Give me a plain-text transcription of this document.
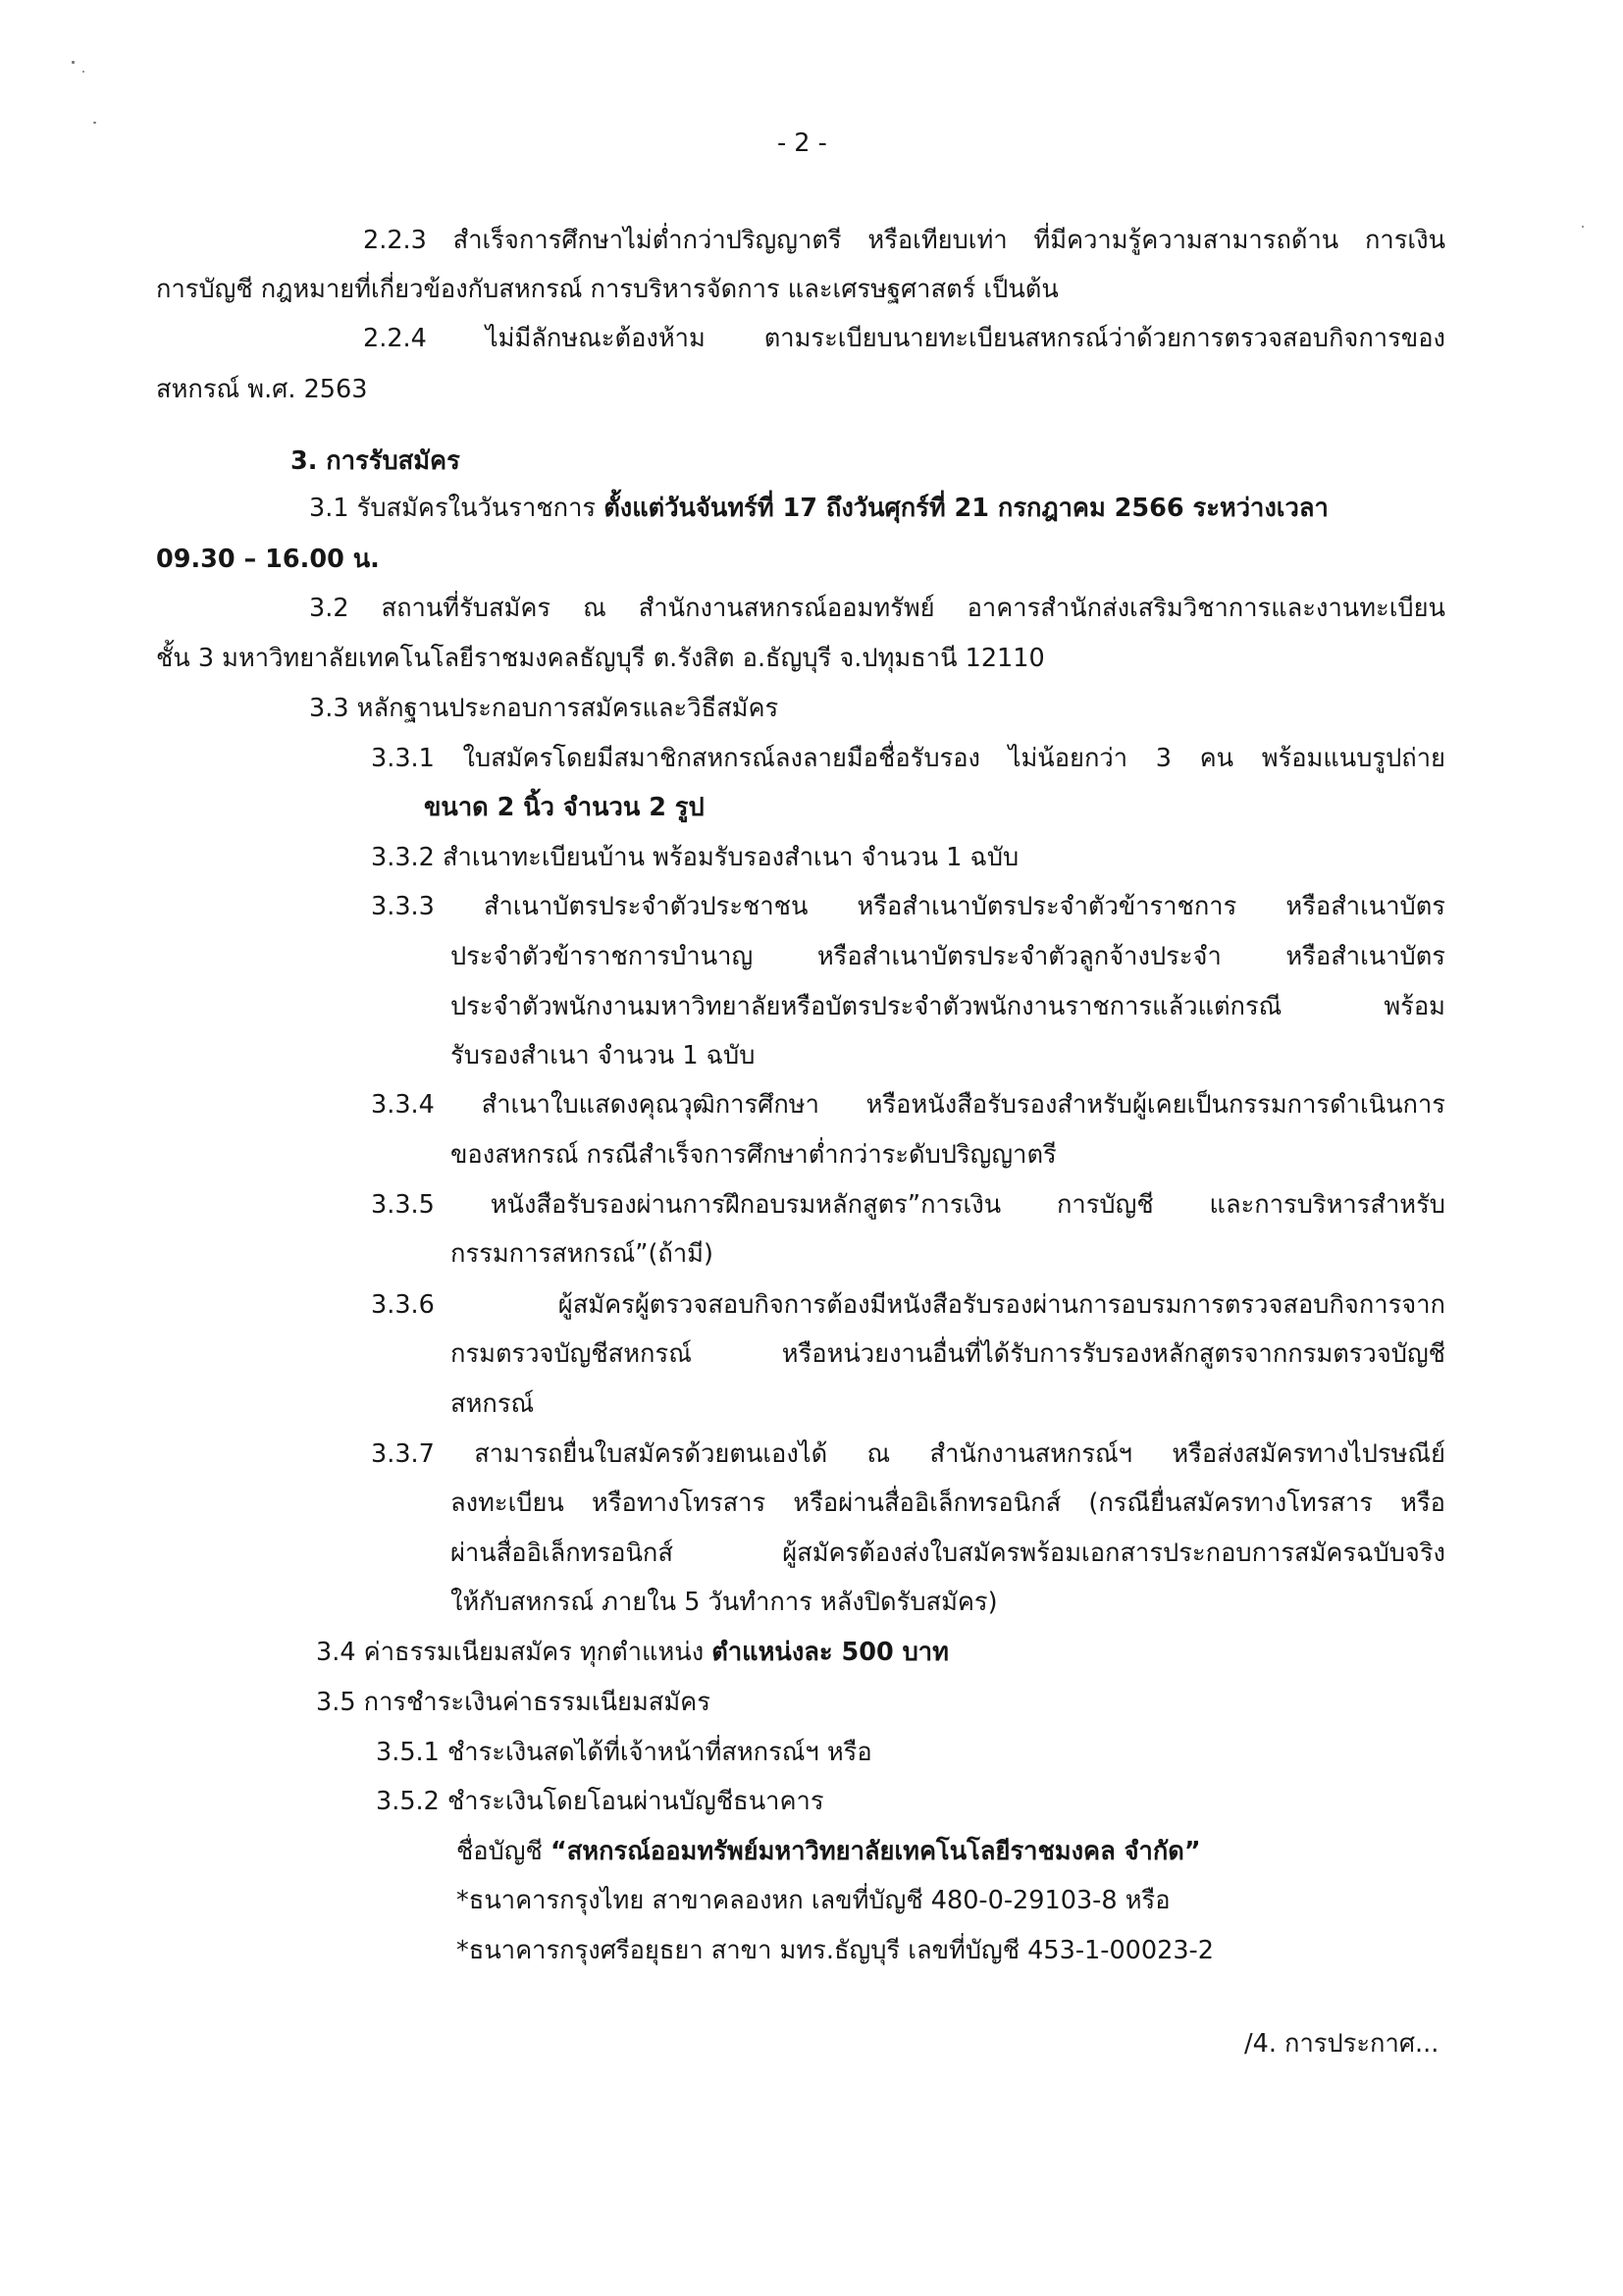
- 2 -
2.2.3 สำเร็จการศึกษาไม่ต่ำกว่าปริญญาตรี หรือเทียบเท่า ที่มีความรู้ความสามารถด้าน การเงิน
การบัญชี กฎหมายที่เกี่ยวข้องกับสหกรณ์ การบริหารจัดการ และเศรษฐศาสตร์ เป็นต้น
2.2.4 ไม่มีลักษณะต้องห้าม ตามระเบียบนายทะเบียนสหกรณ์ว่าด้วยการตรวจสอบกิจการของ
สหกรณ์ พ.ศ. 2563
3. การรับสมัคร
3.1 รับสมัครในวันราชการ ตั้งแต่วันจันทร์ที่ 17 ถึงวันศุกร์ที่ 21 กรกฎาคม 2566 ระหว่างเวลา
09.30 – 16.00 น.
3.2 สถานที่รับสมัคร ณ สำนักงานสหกรณ์ออมทรัพย์ อาคารสำนักส่งเสริมวิชาการและงานทะเบียน
ชั้น 3 มหาวิทยาลัยเทคโนโลยีราชมงคลธัญบุรี ต.รังสิต อ.ธัญบุรี จ.ปทุมธานี 12110
3.3 หลักฐานประกอบการสมัครและวิธีสมัคร
3.3.1 ใบสมัครโดยมีสมาชิกสหกรณ์ลงลายมือชื่อรับรอง ไม่น้อยกว่า 3 คน พร้อมแนบรูปถ่าย
ขนาด 2 นิ้ว จำนวน 2 รูป
3.3.2 สำเนาทะเบียนบ้าน พร้อมรับรองสำเนา จำนวน 1 ฉบับ
3.3.3 สำเนาบัตรประจำตัวประชาชน หรือสำเนาบัตรประจำตัวข้าราชการ หรือสำเนาบัตร
ประจำตัวข้าราชการบำนาญ หรือสำเนาบัตรประจำตัวลูกจ้างประจำ หรือสำเนาบัตร
ประจำตัวพนักงานมหาวิทยาลัยหรือบัตรประจำตัวพนักงานราชการแล้วแต่กรณี พร้อม
รับรองสำเนา จำนวน 1 ฉบับ
3.3.4 สำเนาใบแสดงคุณวุฒิการศึกษา หรือหนังสือรับรองสำหรับผู้เคยเป็นกรรมการดำเนินการ
ของสหกรณ์ กรณีสำเร็จการศึกษาต่ำกว่าระดับปริญญาตรี
3.3.5 หนังสือรับรองผ่านการฝึกอบรมหลักสูตร”การเงิน การบัญชี และการบริหารสำหรับ
กรรมการสหกรณ์”(ถ้ามี)
3.3.6 ผู้สมัครผู้ตรวจสอบกิจการต้องมีหนังสือรับรองผ่านการอบรมการตรวจสอบกิจการจาก
กรมตรวจบัญชีสหกรณ์ หรือหน่วยงานอื่นที่ได้รับการรับรองหลักสูตรจากกรมตรวจบัญชี
สหกรณ์
3.3.7 สามารถยื่นใบสมัครด้วยตนเองได้ ณ สำนักงานสหกรณ์ฯ หรือส่งสมัครทางไปรษณีย์
ลงทะเบียน หรือทางโทรสาร หรือผ่านสื่ออิเล็กทรอนิกส์ (กรณียื่นสมัครทางโทรสาร หรือ
ผ่านสื่ออิเล็กทรอนิกส์ ผู้สมัครต้องส่งใบสมัครพร้อมเอกสารประกอบการสมัครฉบับจริง
ให้กับสหกรณ์ ภายใน 5 วันทำการ หลังปิดรับสมัคร)
3.4 ค่าธรรมเนียมสมัคร ทุกตำแหน่ง ตำแหน่งละ 500 บาท
3.5 การชำระเงินค่าธรรมเนียมสมัคร
3.5.1 ชำระเงินสดได้ที่เจ้าหน้าที่สหกรณ์ฯ หรือ
3.5.2 ชำระเงินโดยโอนผ่านบัญชีธนาคาร
ชื่อบัญชี “สหกรณ์ออมทรัพย์มหาวิทยาลัยเทคโนโลยีราชมงคล จำกัด”
*ธนาคารกรุงไทย สาขาคลองหก เลขที่บัญชี 480-0-29103-8 หรือ
*ธนาคารกรุงศรีอยุธยา สาขา มทร.ธัญบุรี เลขที่บัญชี 453-1-00023-2
/4. การประกาศ...
